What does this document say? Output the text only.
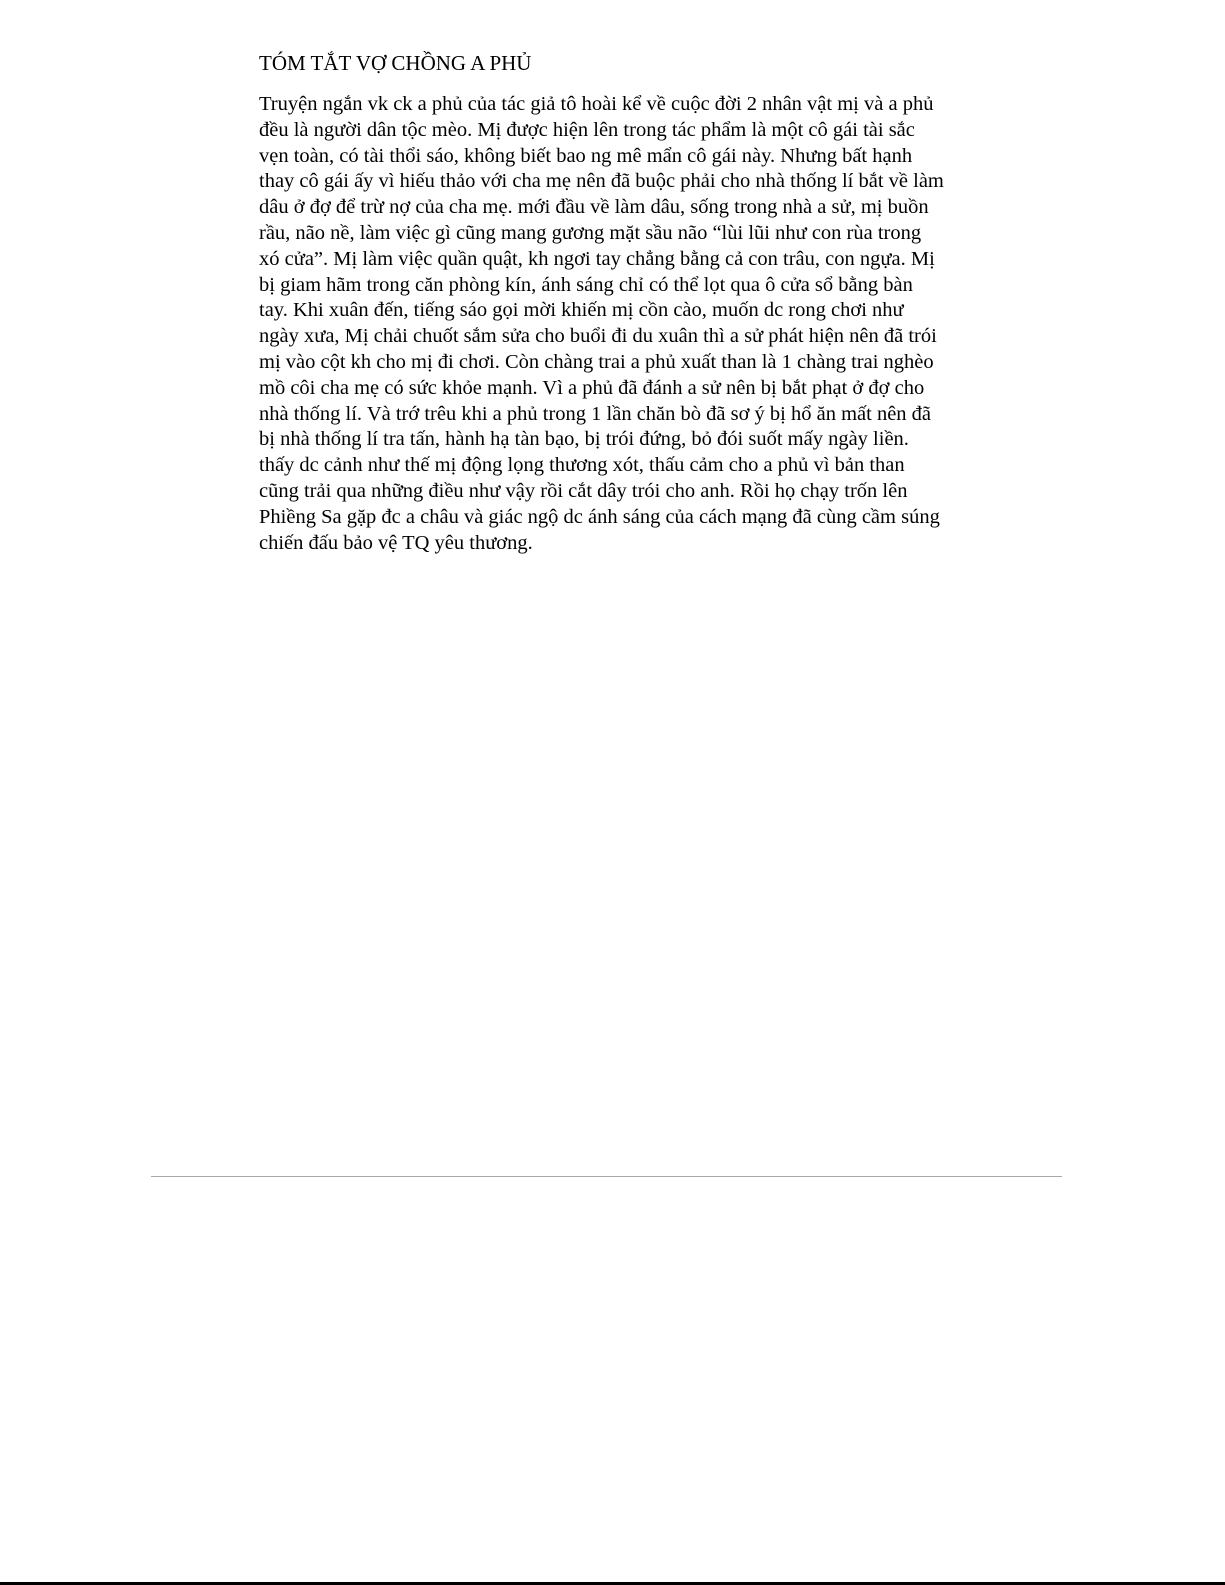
TÓM TẮT VỢ CHỒNG A PHỦ
Truyện ngắn vk ck a phủ của tác giả tô hoài kể về cuộc đời 2 nhân vật mị và a phủ
đều là người dân tộc mèo. Mị được hiện lên trong tác phẩm là một cô gái tài sắc
vẹn toàn, có tài thổi sáo, không biết bao ng mê mẩn cô gái này. Nhưng bất hạnh
thay cô gái ấy vì hiếu thảo với cha mẹ nên đã buộc phải cho nhà thống lí bắt về làm
dâu ở đợ để trừ nợ của cha mẹ. mới đầu về làm dâu, sống trong nhà a sử, mị buồn
rầu, não nề, làm việc gì cũng mang gương mặt sầu não “lùi lũi như con rùa trong
xó cửa”. Mị làm việc quần quật, kh ngơi tay chẳng bằng cả con trâu, con ngựa. Mị
bị giam hãm trong căn phòng kín, ánh sáng chỉ có thể lọt qua ô cửa sổ bằng bàn
tay. Khi xuân đến, tiếng sáo gọi mời khiến mị cồn cào, muốn dc rong chơi như
ngày xưa, Mị chải chuốt sắm sửa cho buổi đi du xuân thì a sử phát hiện nên đã trói
mị vào cột kh cho mị đi chơi. Còn chàng trai a phủ xuất than là 1 chàng trai nghèo
mồ côi cha mẹ có sức khỏe mạnh. Vì a phủ đã đánh a sử nên bị bắt phạt ở đợ cho
nhà thống lí. Và trớ trêu khi a phủ trong 1 lần chăn bò đã sơ ý bị hổ ăn mất nên đã
bị nhà thống lí tra tấn, hành hạ tàn bạo, bị trói đứng, bỏ đói suốt mấy ngày liền.
thấy dc cảnh như thế mị động lọng thương xót, thấu cảm cho a phủ vì bản than
cũng trải qua những điều như vậy rồi cắt dây trói cho anh. Rồi họ chạy trốn lên
Phiềng Sa gặp đc a châu và giác ngộ dc ánh sáng của cách mạng đã cùng cầm súng
chiến đấu bảo vệ TQ yêu thương.
